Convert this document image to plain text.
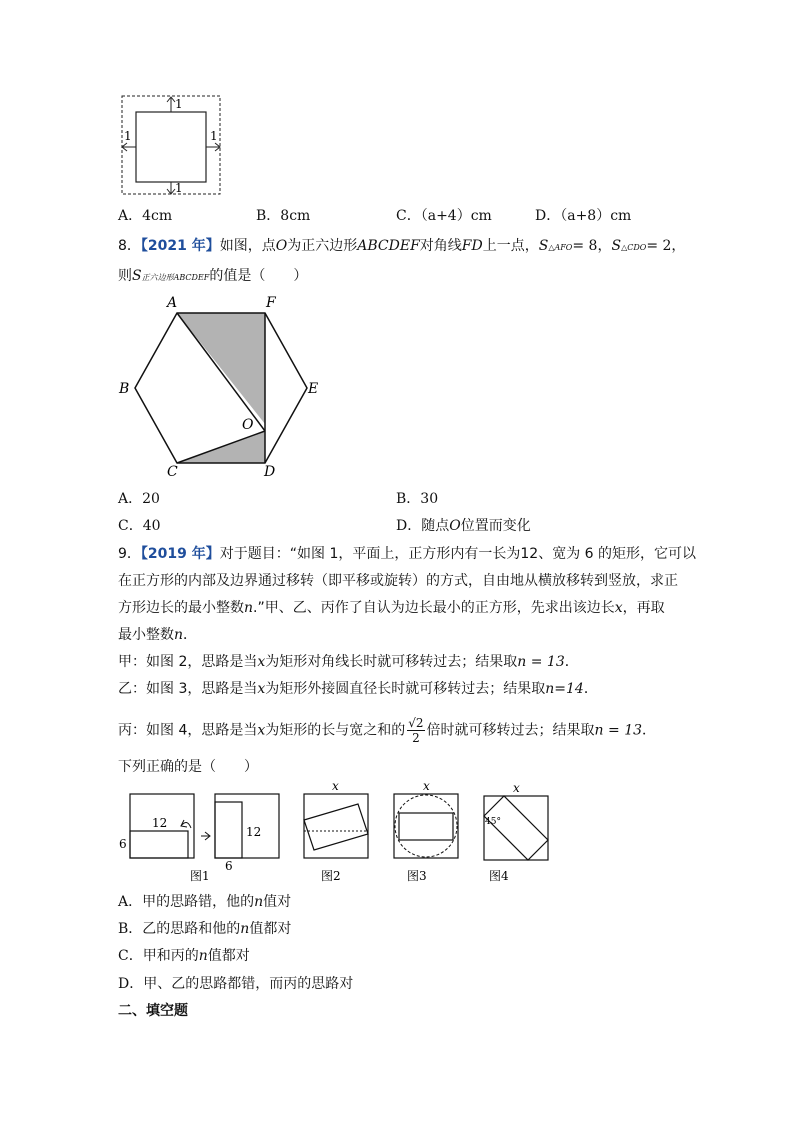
1
1	1
1
A．4cm	B．8cm	C．（a+4）cm	D．（a+8）cm
8．【2021 年】如图，点O为正六边形ABCDEF对角线FD上一点，S△AFO= 8，S△CDO= 2，
则S正六边形ABCDEF的值是（　　）
A	F
B	E
C	D
O
A．20	B．30
C．40	D．随点O位置而变化
9．【2019 年】对于题目：“如图 1，平面上，正方形内有一长为12、宽为 6 的矩形，它可以
在正方形的内部及边界通过移转（即平移或旋转）的方式，自由地从横放移转到竖放，求正
方形边长的最小整数n.”甲、乙、丙作了自认为边长最小的正方形，先求出该边长x，再取
最小整数n．
甲：如图 2，思路是当x为矩形对角线长时就可移转过去；结果取n = 13．
乙：如图 3，思路是当x为矩形外接圆直径长时就可移转过去；结果取n=14．
丙：如图 4，思路是当x为矩形的长与宽之和的 $\frac{√2}{2}$ 倍时就可移转过去；结果取n = 13．
下列正确的是（　　）
12
6
12
6
图1
x
图2
x
图3
x
45°
图4
A．甲的思路错，他的n值对
B．乙的思路和他的n值都对
C．甲和丙的n值都对
D．甲、乙的思路都错，而丙的思路对
二、填空题
